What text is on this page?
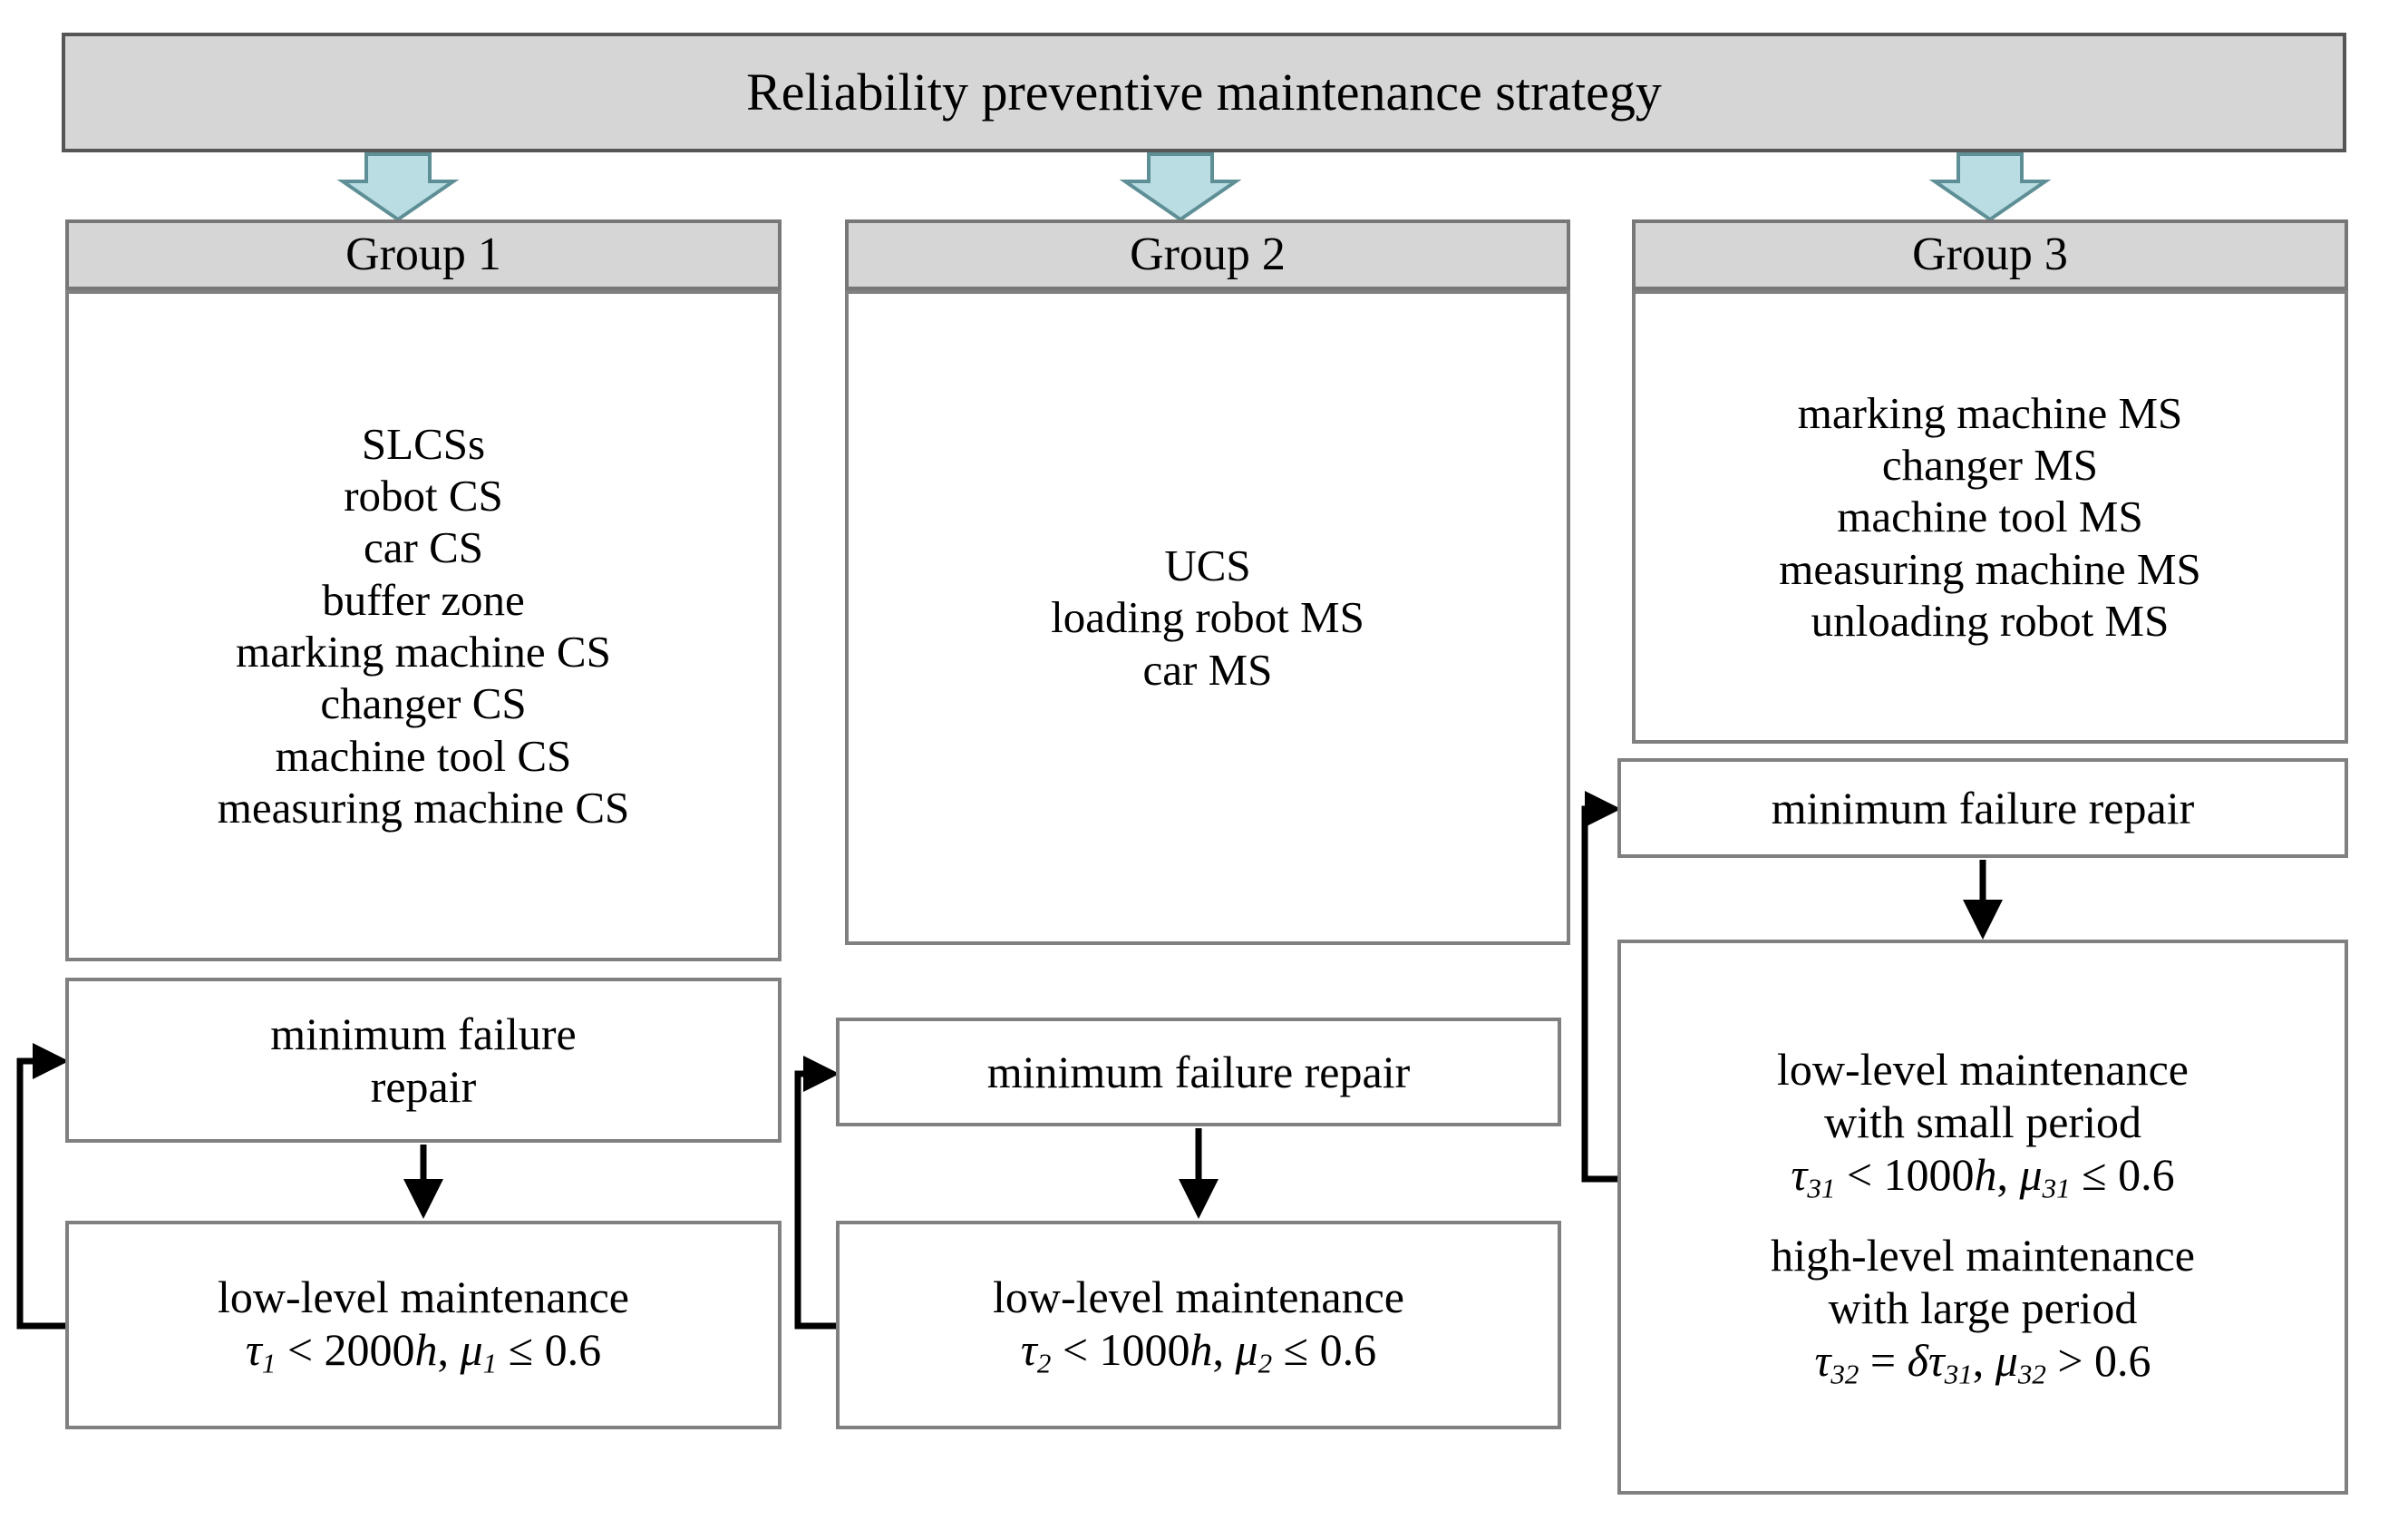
Reliability preventive maintenance strategy
Group 1
SLCSs
robot CS
car CS
buffer zone
marking machine CS
changer CS
machine tool CS
measuring machine CS
minimum failure
repair
low-level maintenance
$\tau_1 < 2000h$, $\mu_1 \le 0.6$
Group 2
UCS
loading robot MS
car MS
minimum failure repair
low-level maintenance
$\tau_2 < 1000h$, $\mu_2 \le 0.6$
Group 3
marking machine MS
changer MS
machine tool MS
measuring machine MS
unloading robot MS
minimum failure repair
low-level maintenance
with small period
$\tau_{31} < 1000h$, $\mu_{31} \le 0.6$
high-level maintenance
with large period
$\tau_{32} = \delta\tau_{31}$, $\mu_{32} > 0.6$
